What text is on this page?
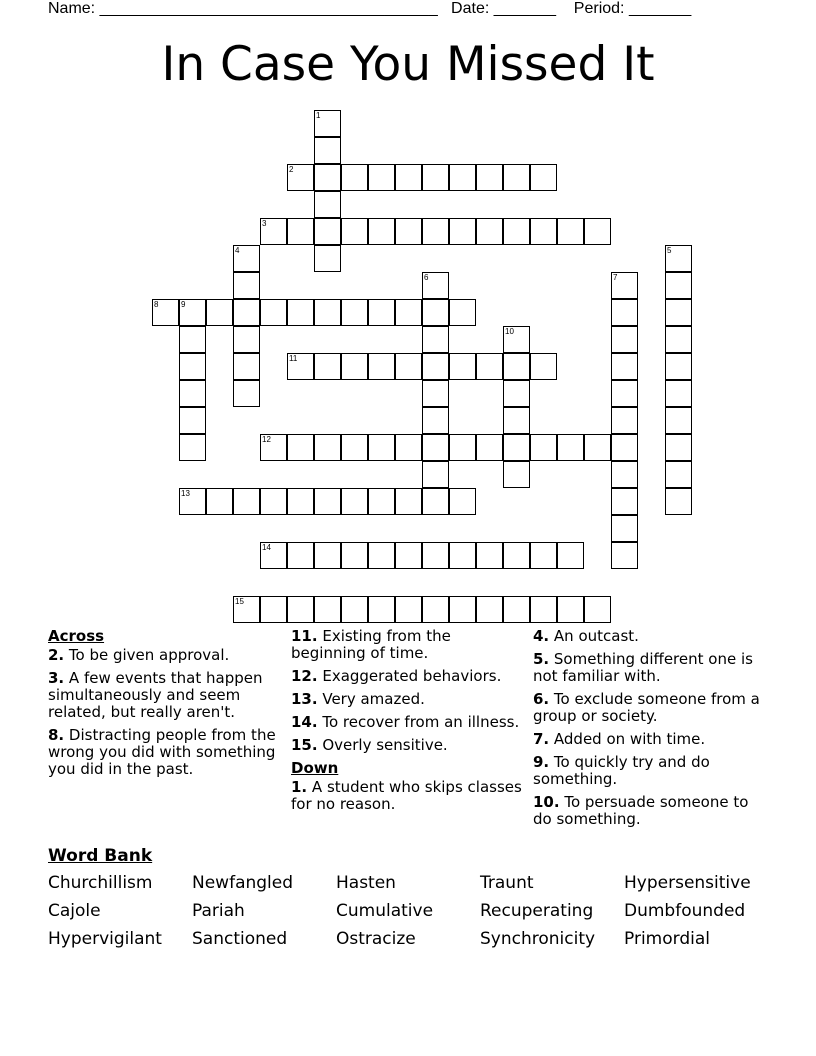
Name: ______________________________________   Date: _______    Period: _______
In Case You Missed It
1
2
3
4	5
6	7
8	9
10
11
12
13
14
15
Across
2. To be given approval.
3. A few events that happen simultaneously and seem related, but really aren't.
8. Distracting people from the wrong you did with something you did in the past.
11. Existing from the beginning of time.
12. Exaggerated behaviors.
13. Very amazed.
14. To recover from an illness.
15. Overly sensitive.
Down
1. A student who skips classes for no reason.
4. An outcast.
5. Something different one is not familiar with.
6. To exclude someone from a group or society.
7. Added on with time.
9. To quickly try and do something.
10. To persuade someone to do something.
Word Bank
Churchillism Newfangled	Hasten	Traunt	Hypersensitive
Cajole	Pariah	Cumulative	Recuperating Dumbfounded
Hypervigilant Sanctioned	Ostracize	Synchronicity Primordial
